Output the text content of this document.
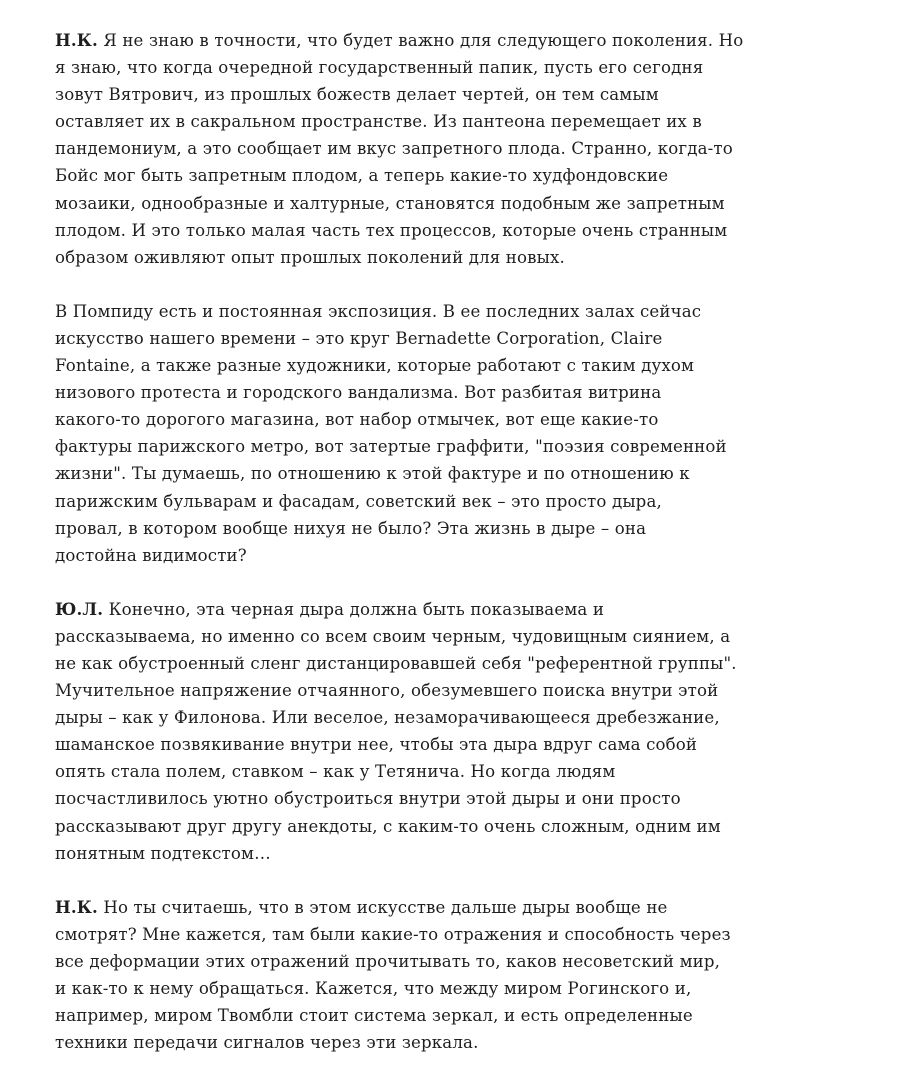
Н.К. Я не знаю в точности, что будет важно для следующего поколения. Но
я знаю, что когда очередной государственный папик, пусть его сегодня
зовут Вятрович, из прошлых божеств делает чертей, он тем самым
оставляет их в сакральном пространстве. Из пантеона перемещает их в
пандемониум, а это сообщает им вкус запретного плода. Странно, когда-то
Бойс мог быть запретным плодом, а теперь какие-то худфондовские
мозаики, однообразные и халтурные, становятся подобным же запретным
плодом. И это только малая часть тех процессов, которые очень странным
образом оживляют опыт прошлых поколений для новых.

В Помпиду есть и постоянная экспозиция. В ее последних залах сейчас
искусство нашего времени – это круг Bernadette Corporation, Claire
Fontaine, а также разные художники, которые работают с таким духом
низового протеста и городского вандализма. Вот разбитая витрина
какого-то дорогого магазина, вот набор отмычек, вот еще какие-то
фактуры парижского метро, вот затертые граффити, "поэзия современной
жизни". Ты думаешь, по отношению к этой фактуре и по отношению к
парижским бульварам и фасадам, советский век – это просто дыра,
провал, в котором вообще нихуя не было? Эта жизнь в дыре – она
достойна видимости?

Ю.Л. Конечно, эта черная дыра должна быть показываема и
рассказываема, но именно со всем своим черным, чудовищным сиянием, а
не как обустроенный сленг дистанцировавшей себя "референтной группы".
Мучительное напряжение отчаянного, обезумевшего поиска внутри этой
дыры – как у Филонова. Или веселое, незаморачивающееся дребезжание,
шаманское позвякивание внутри нее, чтобы эта дыра вдруг сама собой
опять стала полем, ставком – как у Тетянича. Но когда людям
посчастливилось уютно обустроиться внутри этой дыры и они просто
рассказывают друг другу анекдоты, с каким-то очень сложным, одним им
понятным подтекстом…

Н.К. Но ты считаешь, что в этом искусстве дальше дыры вообще не
смотрят? Мне кажется, там были какие-то отражения и способность через
все деформации этих отражений прочитывать то, каков несоветский мир,
и как-то к нему обращаться. Кажется, что между миром Рогинского и,
например, миром Твомбли стоит система зеркал, и есть определенные
техники передачи сигналов через эти зеркала.
